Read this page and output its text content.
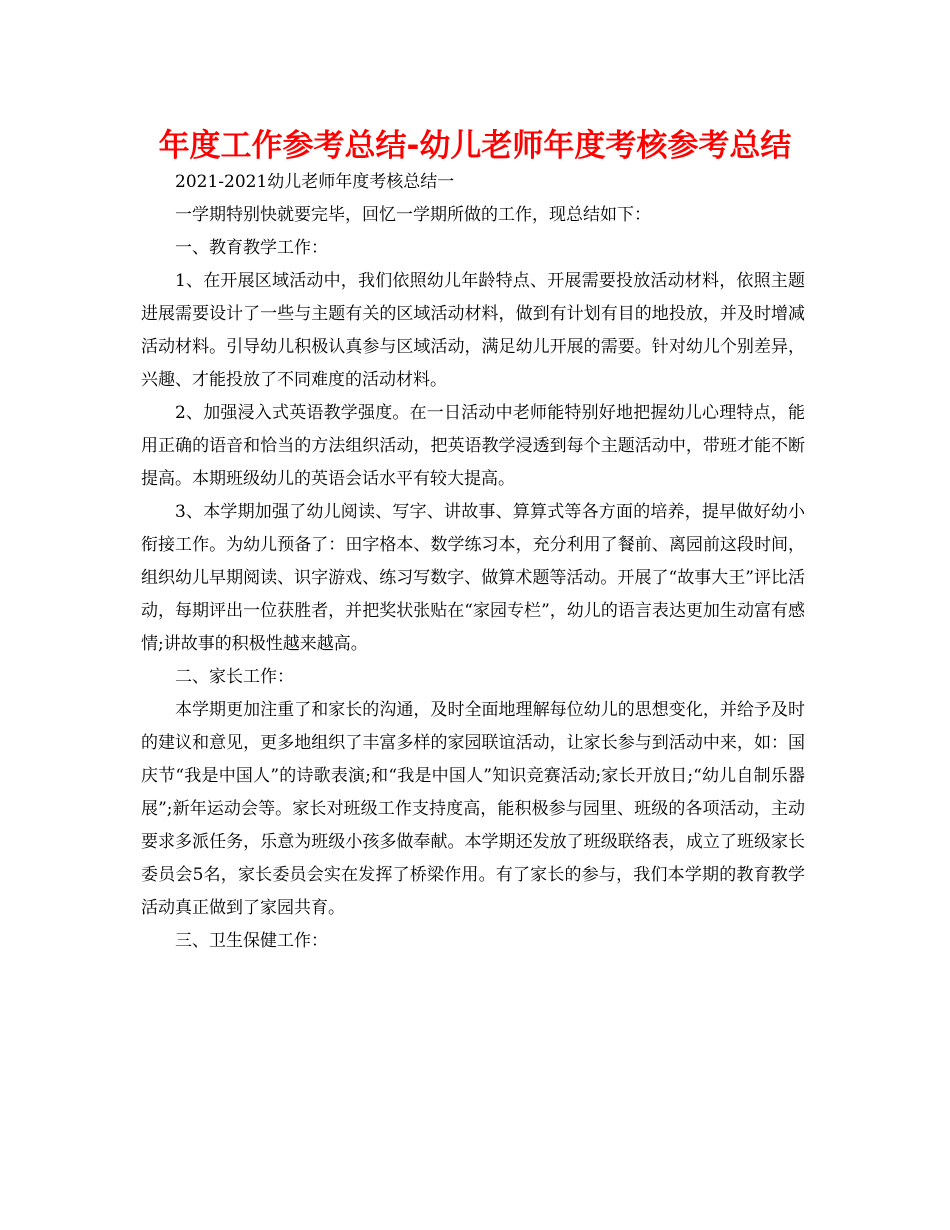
年度工作参考总结-幼儿老师年度考核参考总结

2021-2021幼儿老师年度考核总结一

一学期特别快就要完毕，回忆一学期所做的工作，现总结如下：

一、教育教学工作：

1、在开展区域活动中，我们依照幼儿年龄特点、开展需要投放活动材料，依照主题进展需要设计了一些与主题有关的区域活动材料，做到有计划有目的地投放，并及时增减活动材料。引导幼儿积极认真参与区域活动，满足幼儿开展的需要。针对幼儿个别差异，兴趣、才能投放了不同难度的活动材料。

2、加强浸入式英语教学强度。在一日活动中老师能特别好地把握幼儿心理特点，能用正确的语音和恰当的方法组织活动，把英语教学浸透到每个主题活动中，带班才能不断提高。本期班级幼儿的英语会话水平有较大提高。

3、本学期加强了幼儿阅读、写字、讲故事、算算式等各方面的培养，提早做好幼小衔接工作。为幼儿预备了：田字格本、数学练习本，充分利用了餐前、离园前这段时间，组织幼儿早期阅读、识字游戏、练习写数字、做算术题等活动。开展了“故事大王”评比活动，每期评出一位获胜者，并把奖状张贴在“家园专栏”，幼儿的语言表达更加生动富有感情;讲故事的积极性越来越高。

二、家长工作：

本学期更加注重了和家长的沟通，及时全面地理解每位幼儿的思想变化，并给予及时的建议和意见，更多地组织了丰富多样的家园联谊活动，让家长参与到活动中来，如：国庆节“我是中国人”的诗歌表演;和“我是中国人”知识竞赛活动;家长开放日;“幼儿自制乐器展”;新年运动会等。家长对班级工作支持度高，能积极参与园里、班级的各项活动，主动要求多派任务，乐意为班级小孩多做奉献。本学期还发放了班级联络表，成立了班级家长委员会5名，家长委员会实在发挥了桥梁作用。有了家长的参与，我们本学期的教育教学活动真正做到了家园共育。

三、卫生保健工作：
